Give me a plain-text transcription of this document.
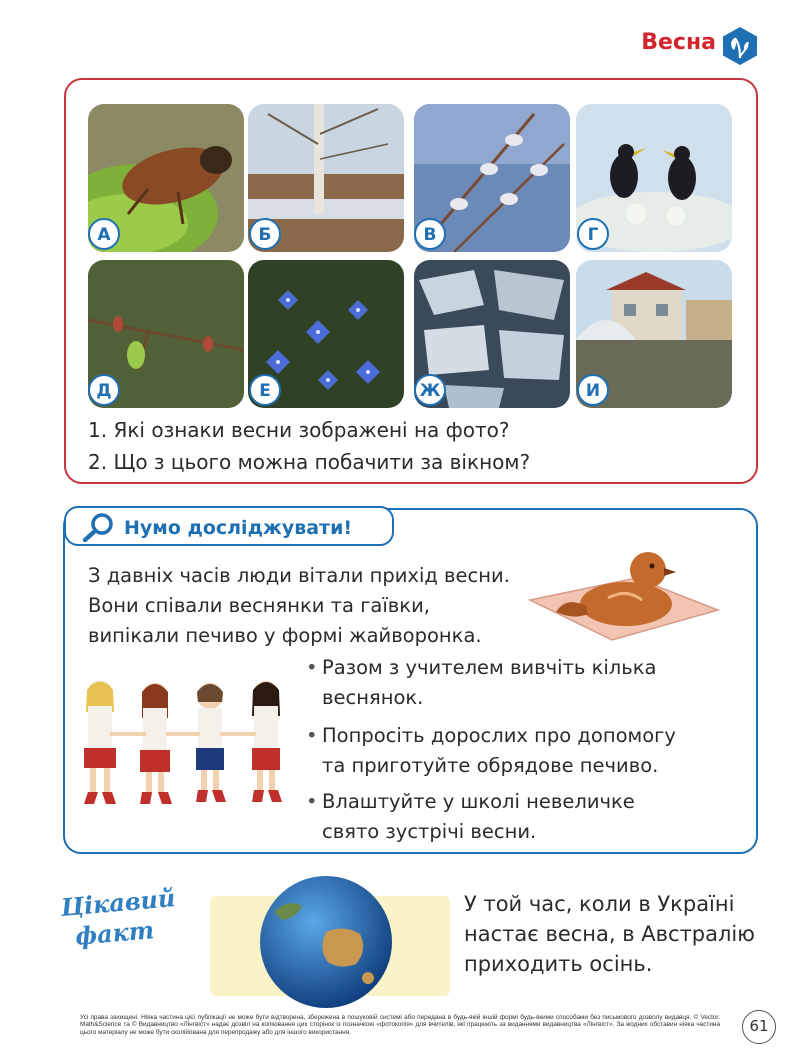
Весна
А	Б	В	Г
Д	Е	Ж	И
1. Які ознаки весни зображені на фото?
2. Що з цього можна побачити за вікном?
Нумо досліджувати!
З давніх часів люди вітали прихід весни.
Вони співали веснянки та гаївки,
випікали печиво у формі жайворонка.
• Разом з учителем вивчіть кілька
веснянок.
• Попросіть дорослих про допомогу
та приготуйте обрядове печиво.
• Влаштуйте у школі невеличке
свято зустрічі весни.
Цікавий
факт
У той час, коли в Україні
настає весна, в Австралію
приходить осінь.
Усі права захищені. Ніяка частина цієї публікації не може бути відтворена, збережена в пошуковій системі або передана в будь-якій іншій формі будь-якими способами без письмового дозволу видавця. © Vector. Math&Science та © Видавництво «Лінгвіст» надає дозвіл на копіювання цих сторінок із позначкою «фотокопія» для вчителів, які працюють за виданнями видавництва «Лінгвіст». За жодних обставин ніяка частина цього матеріалу не може бути скопійована для перепродажу або для іншого використання.	61
